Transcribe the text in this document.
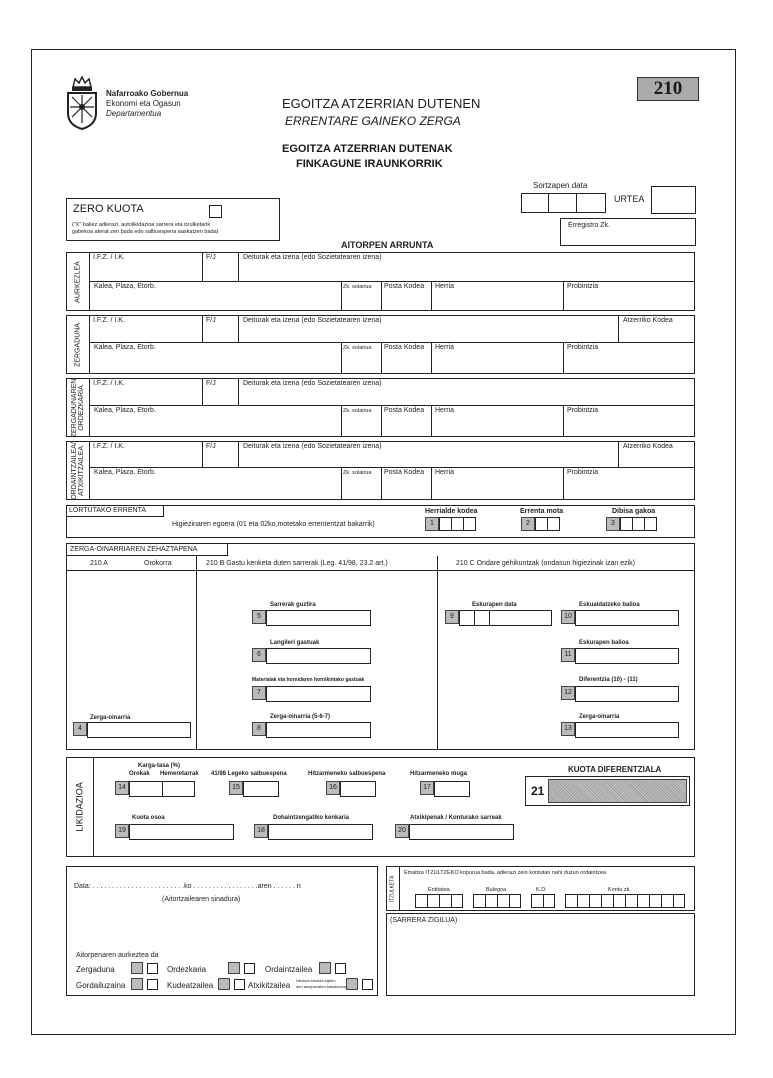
Nafarroako Gobernua
Ekonomi eta Ogasun
Departamentua
EGOITZA ATZERRIAN DUTENEN
ERRENTARE GAINEKO ZERGA
EGOITZA ATZERRIAN DUTENAK
FINKAGUNE IRAUNKORRIK
210
Sortzapen data
URTEA
ZERO KUOTA
("X" baliez adierazi, autolikidazioa sarrera eta itzulketarik
gabekoa aterat zen bada edo salbuespena aaskatzen bada)
Erregistro Zk.
AITORPEN ARRUNTA
AURKEZLEA
I.F.Z. / I.K.	F/J	Deiturak eta izena (edo Sozietatearen izena)
Kalea, Plaza, Etorb.	Zk. solairua Posta Kodea Herria	Probintzia
ZERGADUNA
I.F.Z. / I.K.	F/J	Deiturak eta izena (edo Sozietatearen izena)	Atzerriko Kodea
Kalea, Plaza, Etorb.	Zk. solairua Posta Kodea Herria	Probintzia
ZERGADUNAREN ORDEZKARIA
I.F.Z. / I.K.	F/J	Deiturak eta izena (edo Sozietatearen izena)
Kalea, Plaza, Etorb.	Zk. solairua Posta Kodea Herria	Probintzia
ORDAINTZAILEA/ ATXIKITZAILEA I.F.Z. / I.K.	F/J	Deiturak eta izena (edo Sozietatearen izena)	Atzerriko Kodea
Kalea, Plaza, Etorb.	Zk. solairua Posta Kodea Herria	Probintzia
LORTUTAKO ERRENTA
Higiezinaren egoera (01 eta 02ko,motetako errententzat bakarrik)
Herrialde kodea
1
Errenta mota
2
Dibisa gakoa
3
ZERGA-OINARRIAREN ZEHAZTAPENA
210 A	Orokorra	210 B Gastu kenketa duten sarrerak (Leg. 41/98, 23.2 art.)	210 C Ondare gehikuntzak (ondasun higiezinak izan ezik)
Zerga-oinarria
4
Sarrerak guztira
5
Langileri gastuak
6
Materialak eta hornidaren hornikintako gastuak
7
Zerga-oinarria (5-6-7)
8
Eskurapen data
9
Eskualdatzeko balioa
10
Eskurapen balioa
11
Diferentzia (10) - (11)
12
Zerga-oinarria
13
LIKIDAZIOA
Karga-tasa (%)
Orokak Hemeretarrak
14
41/98 Legeko salbuespena
15
Hitzarmeneko salbuespena
16
Hitzarmeneko muga
17
KUOTA DIFERENTZIALA
21
Kuota osoa
19
Dohaintzengatiko kenkaria
18
Atxikipenak / Konturako sarreak
20
Data: . . . . . . . . . . . . . . . . . . . . . . . .ko . . . . . . . . . . . . . . . . .aren . . . . . . n
(Aitortzailearen sinadura)
Aitorpenaren aurkeztea da
Zergaduna	Ordezkaria	Ordaintzailea
Gordailuzaina	Kudeatzailea	Atxikitzailea
Hezkoa emaiza egiten
den atxepenaten baliakintza
ITZULKETA
Emaitza ITZULTZEKO kopurua bada, adierazi zein kontutan nahi duzun ordaintzea
Entitatea	Bulegoa	K.D.	Kontu zk.
(SARRERA ZIGILUA)
